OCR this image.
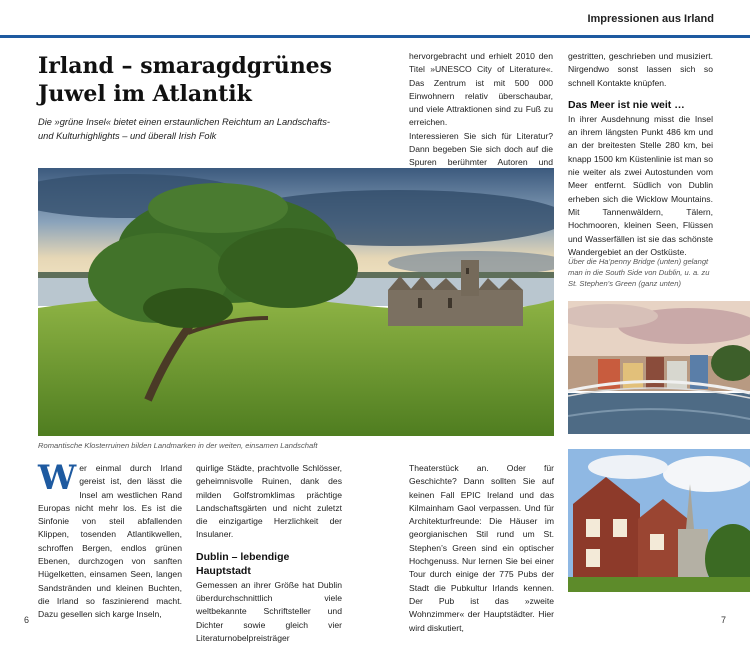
Impressionen aus Irland
Irland – smaragdgrünes
Juwel im Atlantik

Die »grüne Insel« bietet einen erstaunlichen Reichtum an Landschafts- und Kulturhighlights – und überall Irish Folk

hervorgebracht und erhielt 2010 den Titel »UNESCO City of Literature«. Das Zentrum ist mit 500 000 Einwohnern relativ überschaubar, und viele Attraktionen sind zu Fuß zu erreichen.

Interessieren Sie sich für Literatur? Dann begeben Sie sich doch auf die Spuren berühmter Autoren und

gestritten, geschrieben und musiziert. Nirgendwo sonst lassen sich so schnell Kontakte knüpfen.

Das Meer ist nie weit …

In ihrer Ausdehnung misst die Insel an ihrem längsten Punkt 486 km und an der breitesten Stelle 280 km, bei knapp 1500 km Küstenlinie ist man so nie weiter als zwei Autostunden vom Meer entfernt. Südlich von Dublin erheben sich die Wicklow Mountains. Mit Tannenwäldern, Tälern, Hochmooren, kleinen Seen, Flüssen und Wasserfällen ist sie das schönste Wandergebiet an der Ostküste.

Über die Ha’penny Bridge (unten) gelangt man in die South Side von Dublin, u. a. zu St. Stephen’s Green (ganz unten)

Romantische Klosterruinen bilden Landmarken in der weiten, einsamen Landschaft

W er einmal durch Irland gereist ist, den lässt die Insel am westlichen Rand Europas nicht mehr los. Es ist die Sinfonie von steil abfallenden Klippen, tosenden Atlantikwellen, schroffen Bergen, endlos grünen Ebenen, durchzogen von sanften Hügelketten, einsamen Seen, langen Sandstränden und kleinen Buchten, die Irland so faszinierend macht. Dazu gesellen sich karge Inseln,

quirlige Städte, prachtvolle Schlösser, geheimnisvolle Ruinen, dank des milden Golfstromklimas prächtige Landschaftsgärten und nicht zuletzt die einzigartige Herzlichkeit der Insulaner.

Dublin – lebendige Hauptstadt

Gemessen an ihrer Größe hat Dublin überdurchschnittlich viele weltbekannte Schriftsteller und Dichter sowie gleich vier Literaturnobelpreisträger

Theaterstück an. Oder für Geschichte? Dann sollten Sie auf keinen Fall EPIC Ireland und das Kilmainham Gaol verpassen. Und für Architekturfreunde: Die Häuser im georgianischen Stil rund um St. Stephen’s Green sind ein optischer Hochgenuss. Nur lernen Sie bei einer Tour durch einige der 775 Pubs der Stadt die Pubkultur Irlands kennen. Der Pub ist das »zweite Wohnzimmer« der Hauptstädter. Hier wird diskutiert,

6	7
